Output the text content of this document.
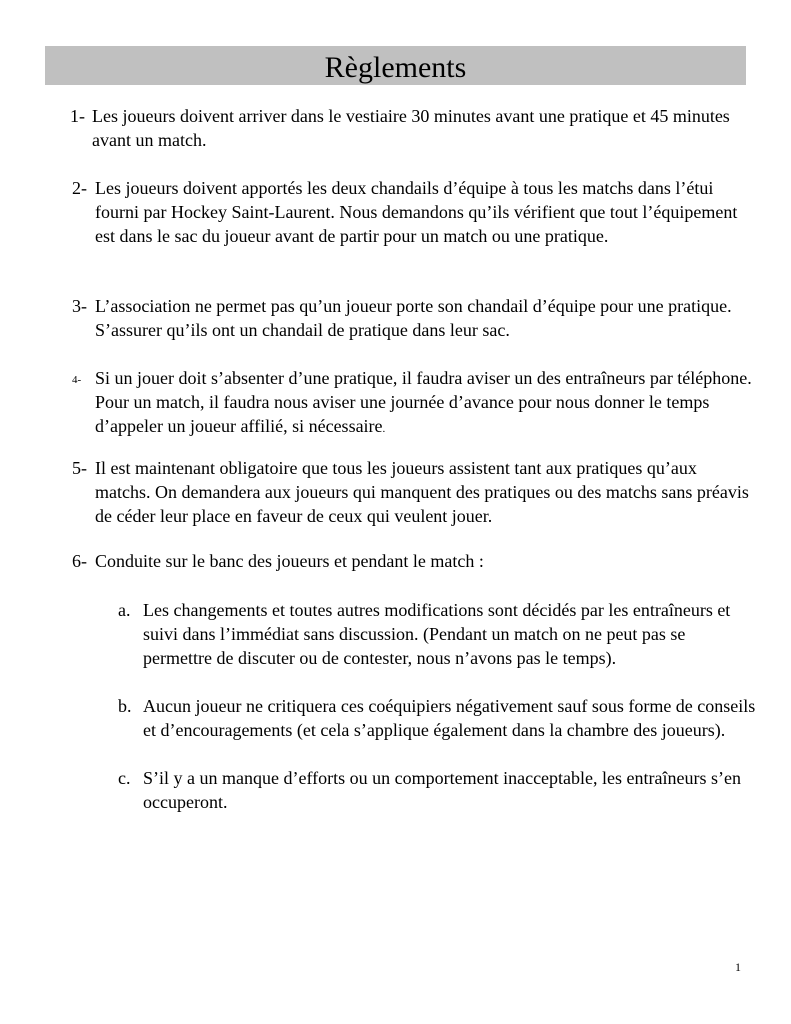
Règlements
1- Les joueurs doivent arriver dans le vestiaire 30 minutes avant une pratique et 45 minutes avant un match.
2- Les joueurs doivent apportés les deux chandails d’équipe à tous les matchs dans l’étui fourni par Hockey Saint-Laurent. Nous demandons qu’ils vérifient que tout l’équipement est dans le sac du joueur avant de partir pour un match ou une pratique.
3- L’association ne permet pas qu’un joueur porte son chandail d’équipe pour une pratique. S’assurer qu’ils ont un chandail de pratique dans leur sac.
4- Si un jouer doit s’absenter d’une pratique, il faudra aviser un des entraîneurs par téléphone. Pour un match, il faudra nous aviser une journée d’avance pour nous donner le temps d’appeler un joueur affilié, si nécessaire.
5- Il est maintenant obligatoire que tous les joueurs assistent tant aux pratiques qu’aux matchs. On demandera aux joueurs qui manquent des pratiques ou des matchs sans préavis de céder leur place en faveur de ceux qui veulent jouer.
6- Conduite sur le banc des joueurs et pendant le match :
a. Les changements et toutes autres modifications sont décidés par les entraîneurs et suivi dans l’immédiat sans discussion. (Pendant un match on ne peut pas se permettre de discuter ou de contester, nous n’avons pas le temps).
b. Aucun joueur ne critiquera ces coéquipiers négativement sauf sous forme de conseils et d’encouragements (et cela s’applique également dans la chambre des joueurs).
c. S’il y a un manque d’efforts ou un comportement inacceptable, les entraîneurs s’en occuperont.
1
